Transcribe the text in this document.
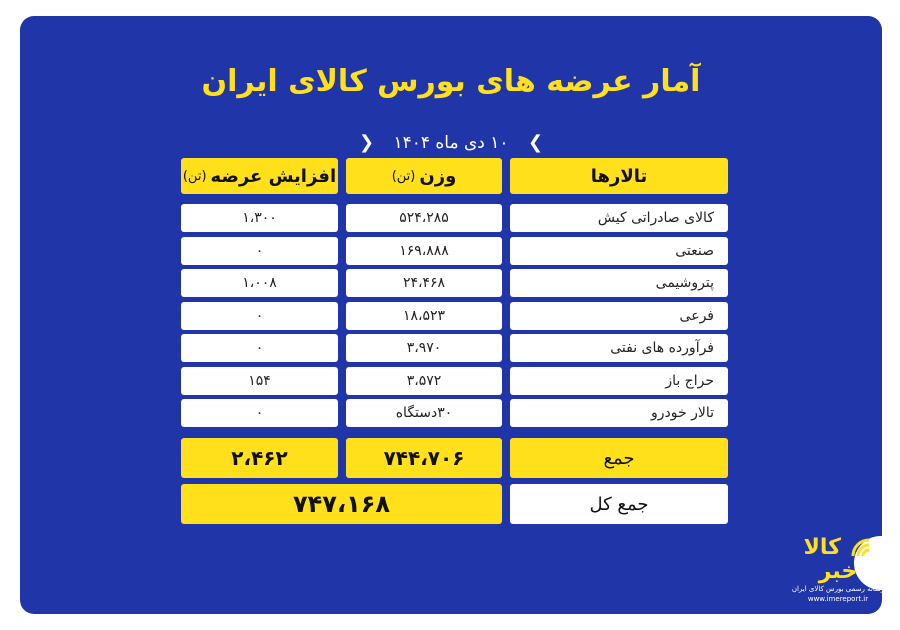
آمار عرضه های بورس کالای ایران
❯ ۱۰ دی ماه ۱۴۰۴ ❮
تالارها
وزن
(تن)
افزایش عرضه
(تن)
کالای صادراتی کیش
۵۲۴،۲۸۵
۱،۳۰۰
صنعتی
۱۶۹،۸۸۸
۰
پتروشیمی
۲۴،۴۶۸
۱،۰۰۸
فرعی
۱۸،۵۲۳
۰
فرآورده های نفتی
۳،۹۷۰
۰
حراج باز
۳،۵۷۲
۱۵۴
تالار خودرو
۳۰دستگاه
۰
جمع
۷۴۴،۷۰۶
۲،۴۶۲
جمع کل
۷۴۷،۱۶۸
کالا
خبر
رسانه رسمی بورس کالای ایران
www.imereport.ir
